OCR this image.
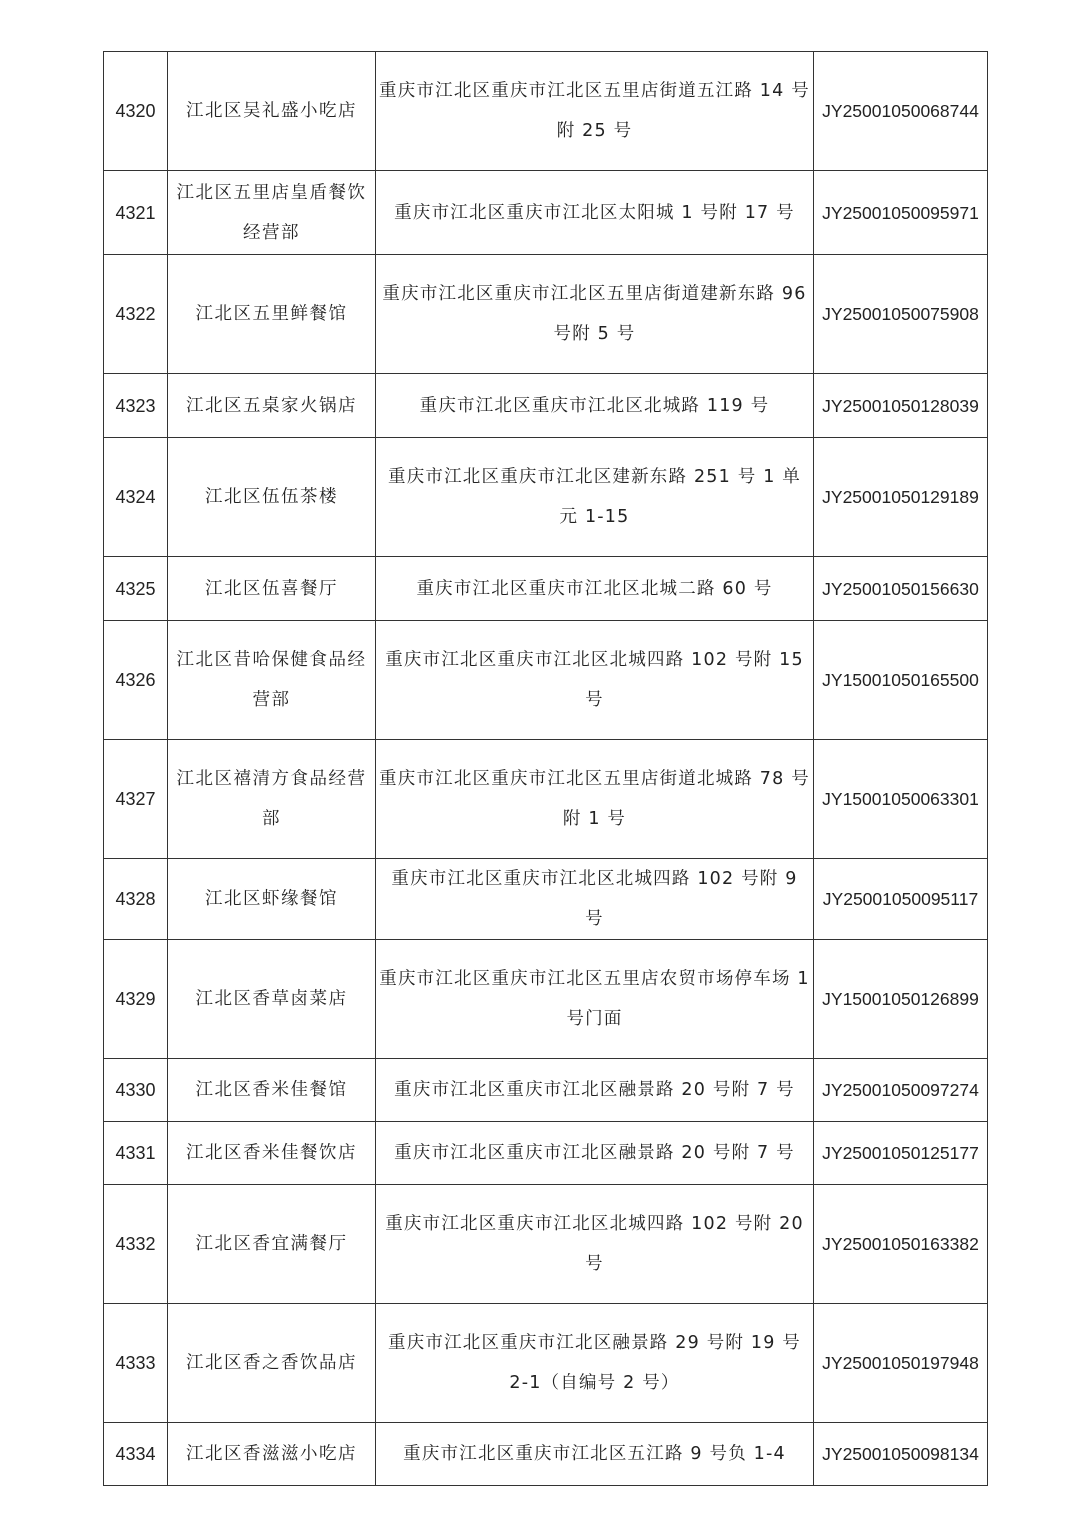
4320	江北区吴礼盛小吃店	重庆市江北区重庆市江北区五里店街道五江路 14 号附 25 号	JY25001050068744
4321	江北区五里店皇盾餐饮经营部	重庆市江北区重庆市江北区太阳城 1 号附 17 号	JY25001050095971
4322	江北区五里鲜餐馆	重庆市江北区重庆市江北区五里店街道建新东路 96 号附 5 号	JY25001050075908
4323	江北区五桌家火锅店	重庆市江北区重庆市江北区北城路 119 号	JY25001050128039
4324	江北区伍伍茶楼	重庆市江北区重庆市江北区建新东路 251 号 1 单元 1-15	JY25001050129189
4325	江北区伍喜餐厅	重庆市江北区重庆市江北区北城二路 60 号	JY25001050156630
4326	江北区昔哈保健食品经营部	重庆市江北区重庆市江北区北城四路 102 号附 15 号	JY15001050165500
4327	江北区禧清方食品经营部	重庆市江北区重庆市江北区五里店街道北城路 78 号附 1 号	JY15001050063301
4328	江北区虾缘餐馆	重庆市江北区重庆市江北区北城四路 102 号附 9 号	JY25001050095117
4329	江北区香草卤菜店	重庆市江北区重庆市江北区五里店农贸市场停车场 1 号门面	JY15001050126899
4330	江北区香米佳餐馆	重庆市江北区重庆市江北区融景路 20 号附 7 号	JY25001050097274
4331	江北区香米佳餐饮店	重庆市江北区重庆市江北区融景路 20 号附 7 号	JY25001050125177
4332	江北区香宜满餐厅	重庆市江北区重庆市江北区北城四路 102 号附 20 号	JY25001050163382
4333	江北区香之香饮品店	重庆市江北区重庆市江北区融景路 29 号附 19 号 2-1（自编号 2 号）	JY25001050197948
4334	江北区香滋滋小吃店	重庆市江北区重庆市江北区五江路 9 号负 1-4	JY25001050098134
